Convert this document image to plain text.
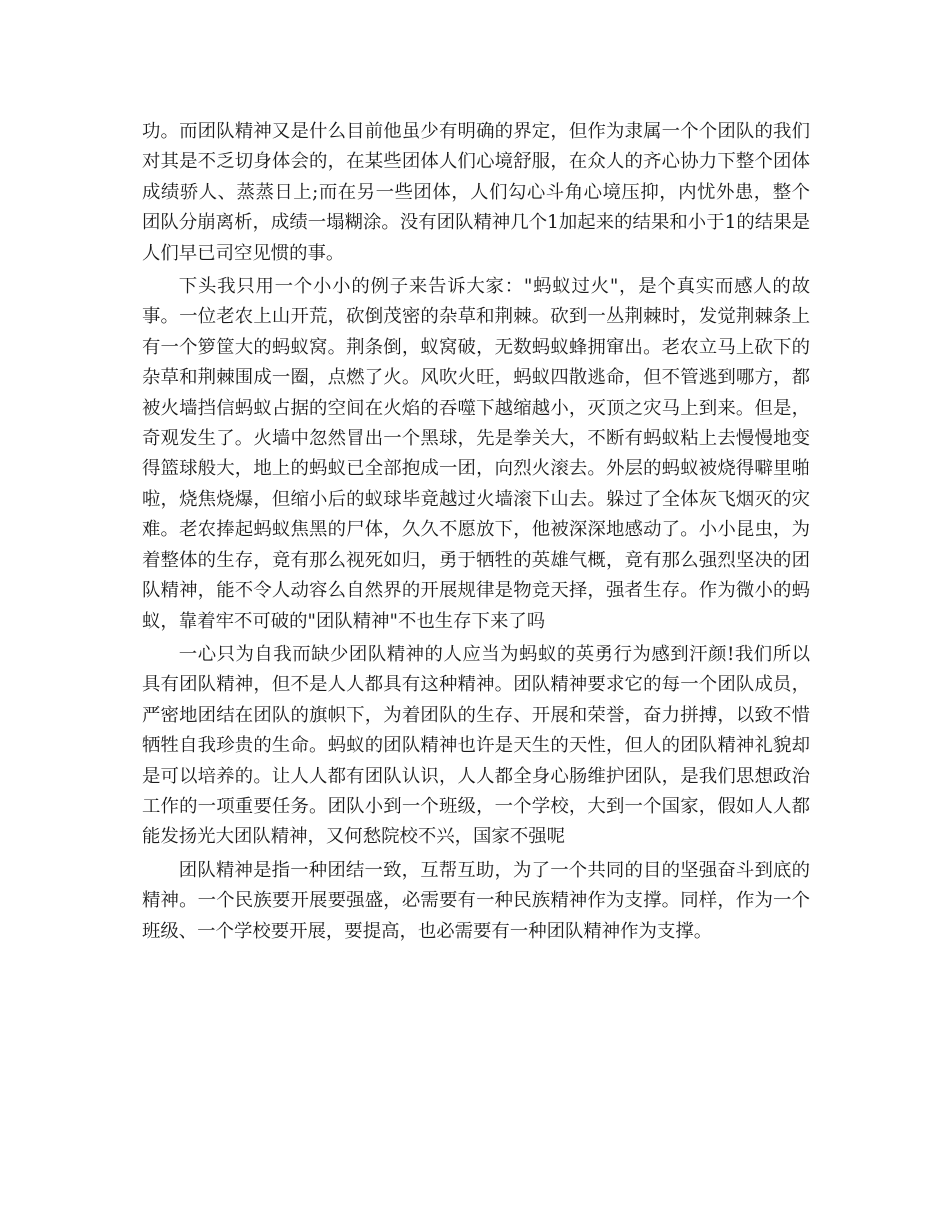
功。而团队精神又是什么目前他虽少有明确的界定，但作为隶属一个个团队的我们对其是不乏切身体会的，在某些团体人们心境舒服，在众人的齐心协力下整个团体成绩骄人、蒸蒸日上;而在另一些团体，人们勾心斗角心境压抑，内忧外患，整个团队分崩离析，成绩一塌糊涂。没有团队精神几个1加起来的结果和小于1的结果是人们早已司空见惯的事。

下头我只用一个小小的例子来告诉大家："蚂蚁过火"，是个真实而感人的故事。一位老农上山开荒，砍倒茂密的杂草和荆棘。砍到一丛荆棘时，发觉荆棘条上有一个箩筐大的蚂蚁窝。荆条倒，蚁窝破，无数蚂蚁蜂拥窜出。老农立马上砍下的杂草和荆棘围成一圈，点燃了火。风吹火旺，蚂蚁四散逃命，但不管逃到哪方，都被火墙挡信蚂蚁占据的空间在火焰的吞噬下越缩越小，灭顶之灾马上到来。但是，奇观发生了。火墙中忽然冒出一个黑球，先是拳关大，不断有蚂蚁粘上去慢慢地变得篮球般大，地上的蚂蚁已全部抱成一团，向烈火滚去。外层的蚂蚁被烧得噼里啪啦，烧焦烧爆，但缩小后的蚁球毕竟越过火墙滚下山去。躲过了全体灰飞烟灭的灾难。老农捧起蚂蚁焦黑的尸体，久久不愿放下，他被深深地感动了。小小昆虫，为着整体的生存，竟有那么视死如归，勇于牺牲的英雄气概，竟有那么强烈坚决的团队精神，能不令人动容么自然界的开展规律是物竞天择，强者生存。作为微小的蚂蚁，靠着牢不可破的"团队精神"不也生存下来了吗

一心只为自我而缺少团队精神的人应当为蚂蚁的英勇行为感到汗颜!我们所以具有团队精神，但不是人人都具有这种精神。团队精神要求它的每一个团队成员，严密地团结在团队的旗帜下，为着团队的生存、开展和荣誉，奋力拼搏，以致不惜牺牲自我珍贵的生命。蚂蚁的团队精神也许是天生的天性，但人的团队精神礼貌却是可以培养的。让人人都有团队认识，人人都全身心肠维护团队，是我们思想政治工作的一项重要任务。团队小到一个班级，一个学校，大到一个国家，假如人人都能发扬光大团队精神，又何愁院校不兴，国家不强呢

团队精神是指一种团结一致，互帮互助，为了一个共同的目的坚强奋斗到底的精神。一个民族要开展要强盛，必需要有一种民族精神作为支撑。同样，作为一个班级、一个学校要开展，要提高，也必需要有一种团队精神作为支撑。
